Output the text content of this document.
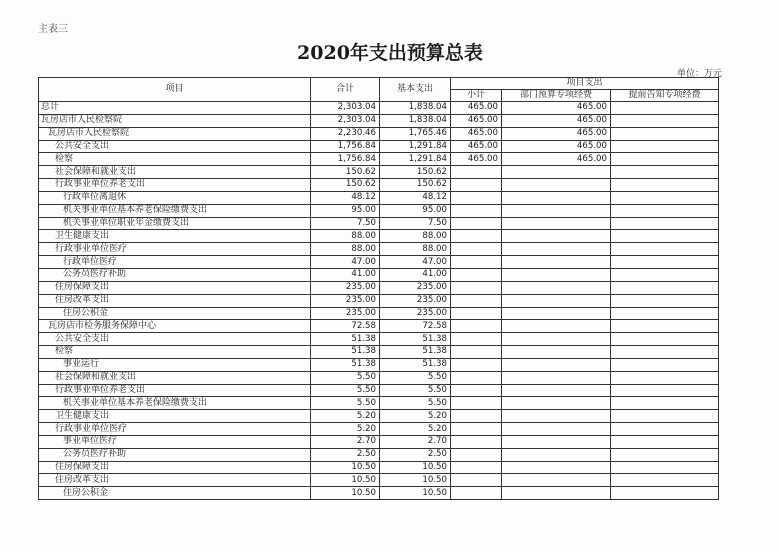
主表三
2020年支出预算总表
单位：万元
项目	合计	基本支出	项目支出		
			小计	部门预算专项经费	提前告知专项经费
总计	2,303.04	1,838.04	465.00	465.00	
瓦房店市人民检察院	2,303.04	1,838.04	465.00	465.00	
瓦房店市人民检察院	2,230.46	1,765.46	465.00	465.00	
公共安全支出	1,756.84	1,291.84	465.00	465.00	
检察	1,756.84	1,291.84	465.00	465.00	
社会保障和就业支出	150.62	150.62			
行政事业单位养老支出	150.62	150.62			
行政单位离退休	48.12	48.12			
机关事业单位基本养老保险缴费支出	95.00	95.00			
机关事业单位职业年金缴费支出	7.50	7.50			
卫生健康支出	88.00	88.00			
行政事业单位医疗	88.00	88.00			
行政单位医疗	47.00	47.00			
公务员医疗补助	41.00	41.00			
住房保障支出	235.00	235.00			
住房改革支出	235.00	235.00			
住房公积金	235.00	235.00			
瓦房店市检务服务保障中心	72.58	72.58			
公共安全支出	51.38	51.38			
检察	51.38	51.38			
事业运行	51.38	51.38			
社会保障和就业支出	5.50	5.50			
行政事业单位养老支出	5.50	5.50			
机关事业单位基本养老保险缴费支出	5.50	5.50			
卫生健康支出	5.20	5.20			
行政事业单位医疗	5.20	5.20			
事业单位医疗	2.70	2.70			
公务员医疗补助	2.50	2.50			
住房保障支出	10.50	10.50			
住房改革支出	10.50	10.50			
住房公积金	10.50	10.50			
